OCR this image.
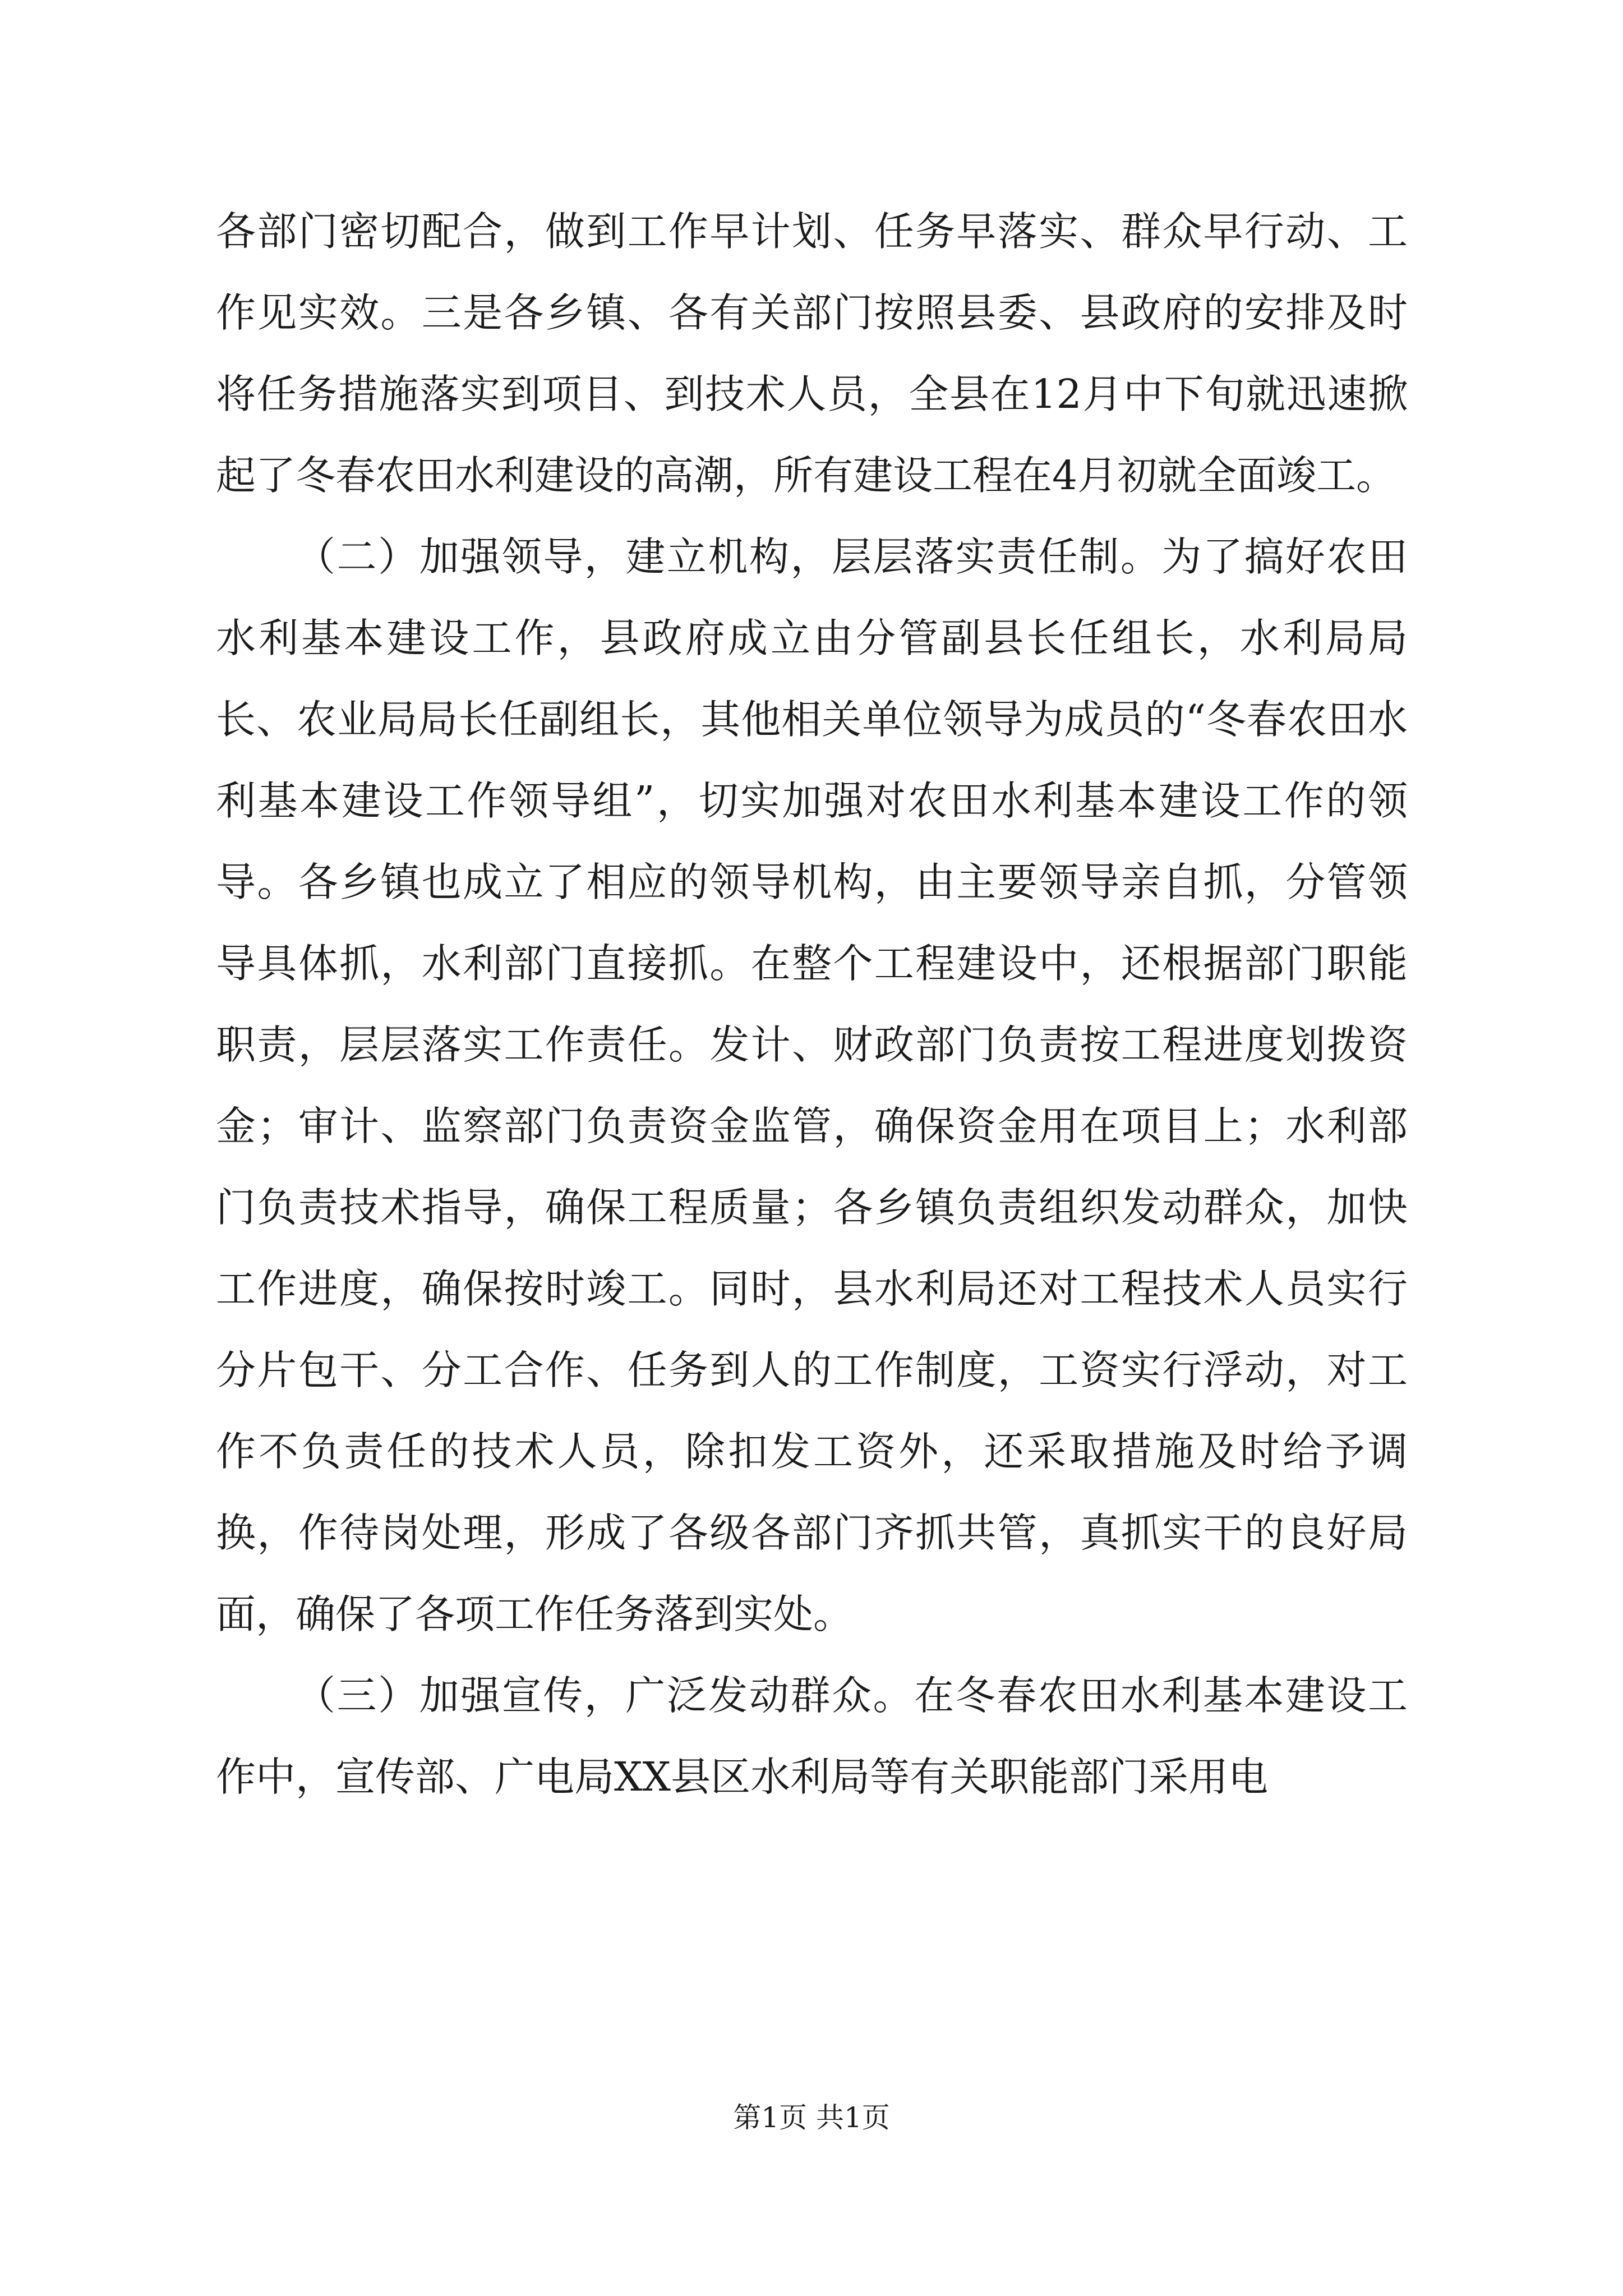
各部门密切配合，做到工作早计划、任务早落实、群众早行动、工作见实效。三是各乡镇、各有关部门按照县委、县政府的安排及时将任务措施落实到项目、到技术人员，全县在12月中下旬就迅速掀起了冬春农田水利建设的高潮，所有建设工程在4月初就全面竣工。

（二）加强领导，建立机构，层层落实责任制。为了搞好农田水利基本建设工作，县政府成立由分管副县长任组长，水利局局长、农业局局长任副组长，其他相关单位领导为成员的“冬春农田水利基本建设工作领导组”，切实加强对农田水利基本建设工作的领导。各乡镇也成立了相应的领导机构，由主要领导亲自抓，分管领导具体抓，水利部门直接抓。在整个工程建设中，还根据部门职能职责，层层落实工作责任。发计、财政部门负责按工程进度划拨资金；审计、监察部门负责资金监管，确保资金用在项目上；水利部门负责技术指导，确保工程质量；各乡镇负责组织发动群众，加快工作进度，确保按时竣工。同时，县水利局还对工程技术人员实行分片包干、分工合作、任务到人的工作制度，工资实行浮动，对工作不负责任的技术人员，除扣发工资外，还采取措施及时给予调换，作待岗处理，形成了各级各部门齐抓共管，真抓实干的良好局面，确保了各项工作任务落到实处。

（三）加强宣传，广泛发动群众。在冬春农田水利基本建设工作中，宣传部、广电局XX县区水利局等有关职能部门采用电

第1页 共1页
